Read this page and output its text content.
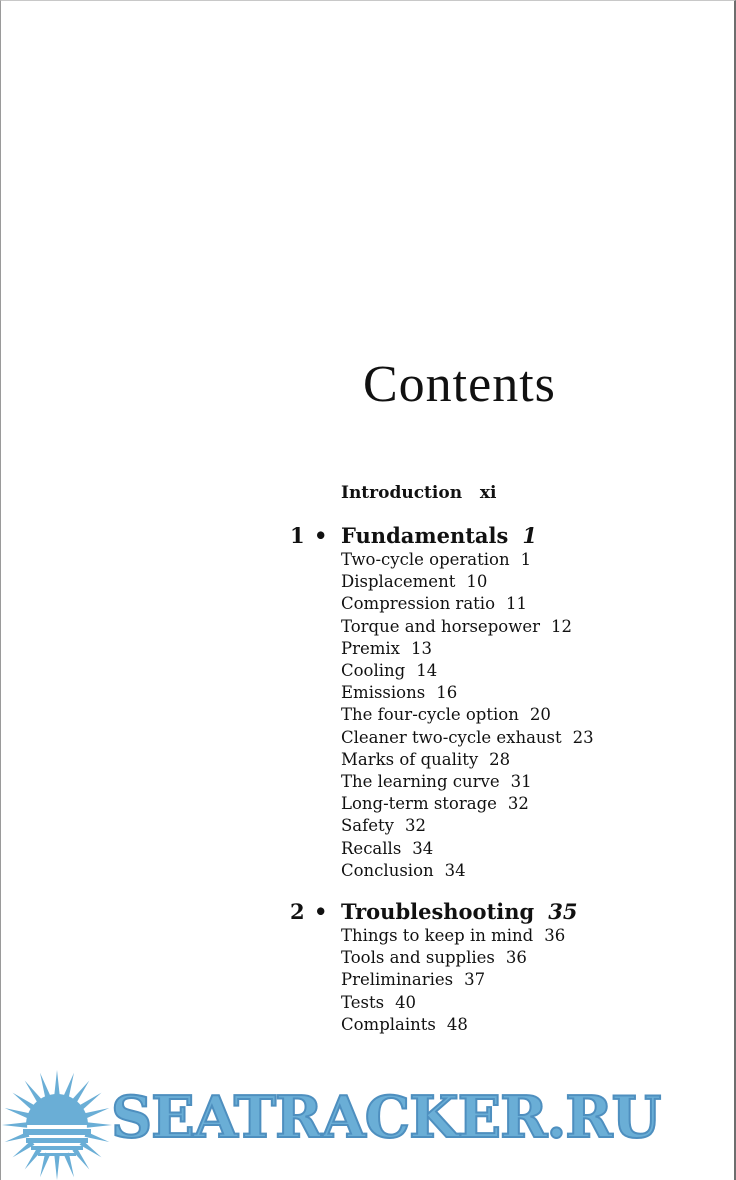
Contents
Introduction xi
1 • Fundamentals 1
Two-cycle operation 1
Displacement 10
Compression ratio 11
Torque and horsepower 12
Premix 13
Cooling 14
Emissions 16
The four-cycle option 20
Cleaner two-cycle exhaust 23
Marks of quality 28
The learning curve 31
Long-term storage 32
Safety 32
Recalls 34
Conclusion 34
2 • Troubleshooting 35
Things to keep in mind 36
Tools and supplies 36
Preliminaries 37
Tests 40
Complaints 48
SEATRACKER.RU
